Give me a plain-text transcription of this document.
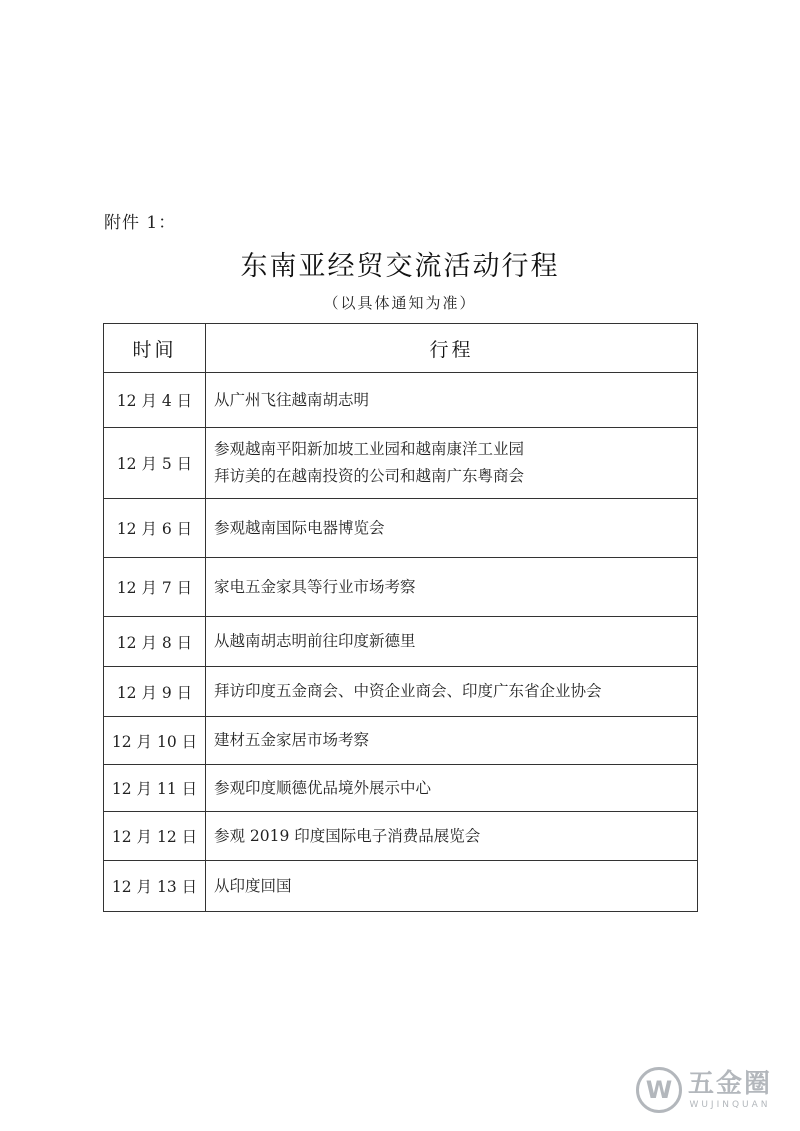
附件 1：
东南亚经贸交流活动行程
（以具体通知为准）
时间	行程
12 月 4 日	从广州飞往越南胡志明

12 月 5 日	参观越南平阳新加坡工业园和越南康洋工业园
拜访美的在越南投资的公司和越南广东粤商会

12 月 6 日	参观越南国际电器博览会

12 月 7 日	家电五金家具等行业市场考察

12 月 8 日	从越南胡志明前往印度新德里

12 月 9 日	拜访印度五金商会、中资企业商会、印度广东省企业协会

12 月 10 日	建材五金家居市场考察

12 月 11 日	参观印度顺德优品境外展示中心

12 月 12 日	参观 2019 印度国际电子消费品展览会

12 月 13 日	从印度回国
W 五金圈
WUJINQUAN
